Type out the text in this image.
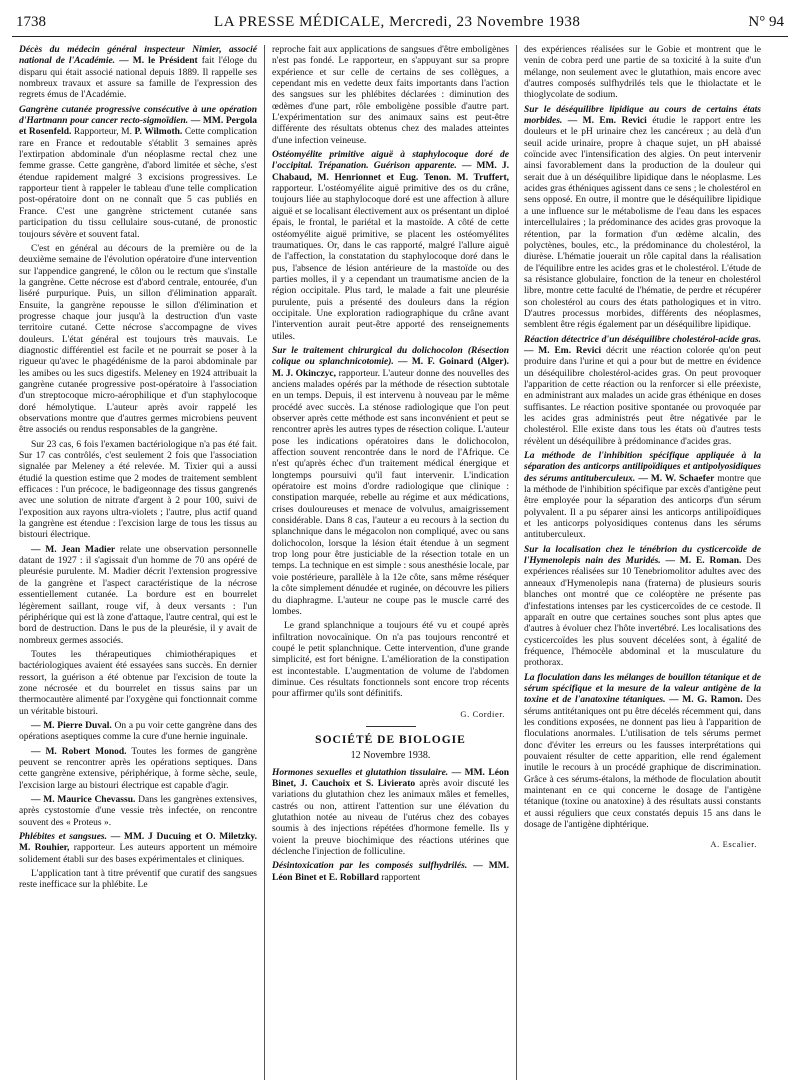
1738	LA PRESSE MÉDICALE, Mercredi, 23 Novembre 1938	N° 94

Décès du médecin général inspecteur Nimier, associé national de l'Académie. — M. le Président fait l'éloge du disparu qui était associé national depuis 1889. Il rappelle ses nombreux travaux et assure sa famille de l'expression des regrets émus de l'Académie.

Gangrène cutanée progressive consécutive à une opération d'Hartmann pour cancer recto-sigmoïdien. — MM. Pergola et Rosenfeld. Rapporteur, M. P. Wilmoth. Cette complication rare en France et redoutable s'établit 3 semaines après l'extirpation abdominale d'un néoplasme rectal chez une femme grasse. Cette gangrène, d'abord limitée et sèche, s'est étendue rapidement malgré 3 excisions progressives. Le rapporteur tient à rappeler le tableau d'une telle complication post-opératoire dont on ne connaît que 5 cas publiés en France. C'est une gangrène strictement cutanée sans participation du tissu cellulaire sous-cutané, de pronostic toujours sévère et souvent fatal.

C'est en général au décours de la première ou de la deuxième semaine de l'évolution opératoire d'une intervention sur l'appendice gangrené, le côlon ou le rectum que s'installe la gangrène. Cette nécrose est d'abord centrale, entourée, d'un liséré purpurique. Puis, un sillon d'élimination apparaît. Ensuite, la gangrène repousse le sillon d'élimination et progresse chaque jour jusqu'à la destruction d'un vaste territoire cutané. Cette nécrose s'accompagne de vives douleurs. L'état général est toujours très mauvais. Le diagnostic différentiel est facile et ne pourrait se poser à la rigueur qu'avec le phagédénisme de la paroi abdominale par les amibes ou les sucs digestifs. Meleney en 1924 attribuait la gangrène cutanée progressive post-opératoire à l'association d'un streptocoque micro-aérophilique et d'un staphylocoque doré hémolytique. L'auteur après avoir rappelé les observations montre que d'autres germes microbiens peuvent être associés ou rendus responsables de la gangrène.

Sur 23 cas, 6 fois l'examen bactériologique n'a pas été fait. Sur 17 cas contrôlés, c'est seulement 2 fois que l'association signalée par Meleney a été relevée. M. Tixier qui a aussi étudié la question estime que 2 modes de traitement semblent efficaces : l'un précoce, le badigeonnage des tissus gangrenés avec une solution de nitrate d'argent à 2 pour 100, suivi de l'exposition aux rayons ultra-violets ; l'autre, plus actif quand la gangrène est étendue : l'excision large de tous les tissus au bistouri électrique.

— M. Jean Madier relate une observation personnelle datant de 1927 : il s'agissait d'un homme de 70 ans opéré de pleurésie purulente. M. Madier décrit l'extension progressive de la gangrène et l'aspect caractéristique de la nécrose essentiellement cutanée. La bordure est en bourrelet légèrement saillant, rouge vif, à deux versants : l'un périphérique qui est là zone d'attaque, l'autre central, qui est le bord de destruction. Dans le pus de la pleurésie, il y avait de nombreux germes associés.

Toutes les thérapeutiques chimiothérapiques et bactériologiques avaient été essayées sans succès. En dernier ressort, la guérison a été obtenue par l'excision de toute la zone nécrosée et du bourrelet en tissus sains par un thermocautère alimenté par l'oxygène qui fonctionnait comme un véritable bistouri.

— M. Pierre Duval. On a pu voir cette gangrène dans des opérations aseptiques comme la cure d'une hernie inguinale.

— M. Robert Monod. Toutes les formes de gangrène peuvent se rencontrer après les opérations septiques. Dans cette gangrène extensive, périphérique, à forme sèche, seule, l'excision large au bistouri électrique est capable d'agir.

— M. Maurice Chevassu. Dans les gangrènes extensives, après cystostomie d'une vessie très infectée, on rencontre souvent des « Proteus ».

Phlébites et sangsues. — MM. J Ducuing et O. Miletzky. M. Rouhier, rapporteur. Les auteurs apportent un mémoire solidement établi sur des bases expérimentales et cliniques.

L'application tant à titre préventif que curatif des sangsues reste inefficace sur la phlébite. Le

reproche fait aux applications de sangsues d'être emboligènes n'est pas fondé. Le rapporteur, en s'appuyant sur sa propre expérience et sur celle de certains de ses collègues, a cependant mis en vedette deux faits importants dans l'action des sangsues sur les phlébites déclarées : diminution des œdèmes d'une part, rôle emboligène possible d'autre part. L'expérimentation sur des animaux sains est peut-être différente des résultats obtenus chez des malades atteintes d'une infection veineuse.

Ostéomyélite primitive aiguë à staphylocoque doré de l'occipital. Trépanation. Guérison apparente. — MM. J. Chabaud, M. Henrionnet et Eug. Tenon. M. Truffert, rapporteur. L'ostéomyélite aiguë primitive des os du crâne, toujours liée au staphylocoque doré est une affection à allure aiguë et se localisant électivement aux os présentant un diploé épais, le frontal, le pariétal et la mastoïde. A côté de cette ostéomyélite aiguë primitive, se placent les ostéomyélites traumatiques. Or, dans le cas rapporté, malgré l'allure aiguë de l'affection, la constatation du staphylocoque doré dans le pus, l'absence de lésion antérieure de la mastoïde ou des parties molles, il y a cependant un traumatisme ancien de la région occipitale. Plus tard, le malade a fait une pleurésie purulente, puis a présenté des douleurs dans la région occipitale. Une exploration radiographique du crâne avant l'intervention aurait peut-être apporté des renseignements utiles.

Sur le traitement chirurgical du dolichocolon (Résection colique ou splanchnicotomie). — M. F. Goinard (Alger). M. J. Okinczyc, rapporteur. L'auteur donne des nouvelles des anciens malades opérés par la méthode de résection subtotale en un temps. Depuis, il est intervenu à nouveau par le même procédé avec succès. La sténose radiologique que l'on peut observer après cette méthode est sans inconvénient et peut se rencontrer après les autres types de résection colique. L'auteur pose les indications opératoires dans le dolichocolon, affection souvent rencontrée dans le nord de l'Afrique. Ce n'est qu'après échec d'un traitement médical énergique et longtemps poursuivi qu'il faut intervenir. L'indication opératoire est moins d'ordre radiologique que clinique : constipation marquée, rebelle au régime et aux médications, crises douloureuses et menace de volvulus, amaigrissement considérable. Dans 8 cas, l'auteur a eu recours à la section du splanchnique dans le mégacolon non compliqué, avec ou sans dolichocolon, lorsque la lésion était étendue à un segment trop long pour être justiciable de la résection totale en un temps. La technique en est simple : sous anesthésie locale, par voie postérieure, parallèle à la 12e côte, sans même réséquer la côte simplement dénudée et ruginée, on découvre les piliers du diaphragme. L'auteur ne coupe pas le muscle carré des lombes.

Le grand splanchnique a toujours été vu et coupé après infiltration novocaïnique. On n'a pas toujours rencontré et coupé le petit splanchnique. Cette intervention, d'une grande simplicité, est fort bénigne. L'amélioration de la constipation est incontestable. L'augmentation de volume de l'abdomen diminue. Ces résultats fonctionnels sont encore trop récents pour affirmer qu'ils sont définitifs.

G. Cordier.
SOCIÉTÉ DE BIOLOGIE
12 Novembre 1938.

Hormones sexuelles et glutathion tissulaire. — MM. Léon Binet, J. Cauchoix et S. Livierato après avoir discuté les variations du glutathion chez les animaux mâles et femelles, castrés ou non, attirent l'attention sur une élévation du glutathion notée au niveau de l'utérus chez des cobayes soumis à des injections répétées d'hormone femelle. Ils y voient la preuve biochimique des réactions utérines que déclenche l'injection de folliculine.

Désintoxication par les composés sulfhydrilés. — MM. Léon Binet et E. Robillard rapportent

des expériences réalisées sur le Gobie et montrent que le venin de cobra perd une partie de sa toxicité à la suite d'un mélange, non seulement avec le glutathion, mais encore avec d'autres composés sulfhydrilés tels que le thiolactate et le thioglycolate de sodium.

Sur le déséquilibre lipidique au cours de certains états morbides. — M. Em. Revici étudie le rapport entre les douleurs et le pH urinaire chez les cancéreux ; au delà d'un seuil acide urinaire, propre à chaque sujet, un pH abaissé coïncide avec l'intensification des algies. On peut intervenir ainsi favorablement dans la production de la douleur qui serait due à un déséquilibre lipidique dans le néoplasme. Les acides gras éthéniques agissent dans ce sens ; le cholestérol en sens opposé. En outre, il montre que le déséquilibre lipidique a une influence sur le métabolisme de l'eau dans les espaces intercellulaires ; la prédominance des acides gras provoque la rétention, par la formation d'un œdème alcalin, des polyctènes, boules, etc., la prédominance du cholestérol, la diurèse. L'hématie jouerait un rôle capital dans la réalisation de l'équilibre entre les acides gras et le cholestérol. L'étude de sa résistance globulaire, fonction de la teneur en cholestérol libre, montre cette faculté de l'hématie, de perdre et récupérer son cholestérol au cours des états pathologiques et in vitro. D'autres processus morbides, différents des néoplasmes, semblent être régis également par un déséquilibre lipidique.

Réaction détectrice d'un déséquilibre cholestérol-acide gras. — M. Em. Revici décrit une réaction colorée qu'on peut produire dans l'urine et qui a pour but de mettre en évidence un déséquilibre cholestérol-acides gras. On peut provoquer l'apparition de cette réaction ou la renforcer si elle préexiste, en administrant aux malades un acide gras éthénique en doses suffisantes. Le réaction positive spontanée ou provoquée par les acides gras administrés peut être négativée par le cholestérol. Elle existe dans tous les états où d'autres tests révèlent un déséquilibre à prédominance d'acides gras.

La méthode de l'inhibition spécifique appliquée à la séparation des anticorps antilipoïdiques et antipolyosidiques des sérums antituberculeux. — M. W. Schaefer montre que la méthode de l'inhibition spécifique par excès d'antigène peut être employée pour la séparation des anticorps d'un sérum polyvalent. Il a pu séparer ainsi les anticorps antilipoïdiques et les anticorps polyosidiques contenus dans les sérums antituberculeux.

Sur la localisation chez le ténébrion du cysticercoïde de l'Hymenolepis nain des Muridés. — M. E. Roman. Des expériences réalisées sur 10 Tenebriomolitor adultes avec des anneaux d'Hymenolepis nana (fraterna) de plusieurs souris blanches ont montré que ce coléoptère ne présente pas d'infestations intenses par les cysticercoïdes de ce cestode. Il apparaît en outre que certaines souches sont plus aptes que d'autres à évoluer chez l'hôte invertébré. Les localisations des cysticercoïdes les plus souvent décelées sont, à égalité de fréquence, l'hémocèle abdominal et la musculature du prothorax.

La floculation dans les mélanges de bouillon tétanique et de sérum spécifique et la mesure de la valeur antigène de la toxine et de l'anatoxine tétaniques. — M. G. Ramon. Des sérums antitétaniques ont pu être décelés récemment qui, dans les conditions exposées, ne donnent pas lieu à l'apparition de floculations anormales. L'utilisation de tels sérums permet donc d'éviter les erreurs ou les fausses interprétations qui pouvaient résulter de cette apparition, elle rend également inutile le recours à un procédé graphique de discrimination. Grâce à ces sérums-étalons, la méthode de floculation aboutit maintenant en ce qui concerne le dosage de l'antigène tétanique (toxine ou anatoxine) à des résultats aussi constants et aussi réguliers que ceux constatés depuis 15 ans dans le dosage de l'antigène diphtérique.

A. Escalier.
